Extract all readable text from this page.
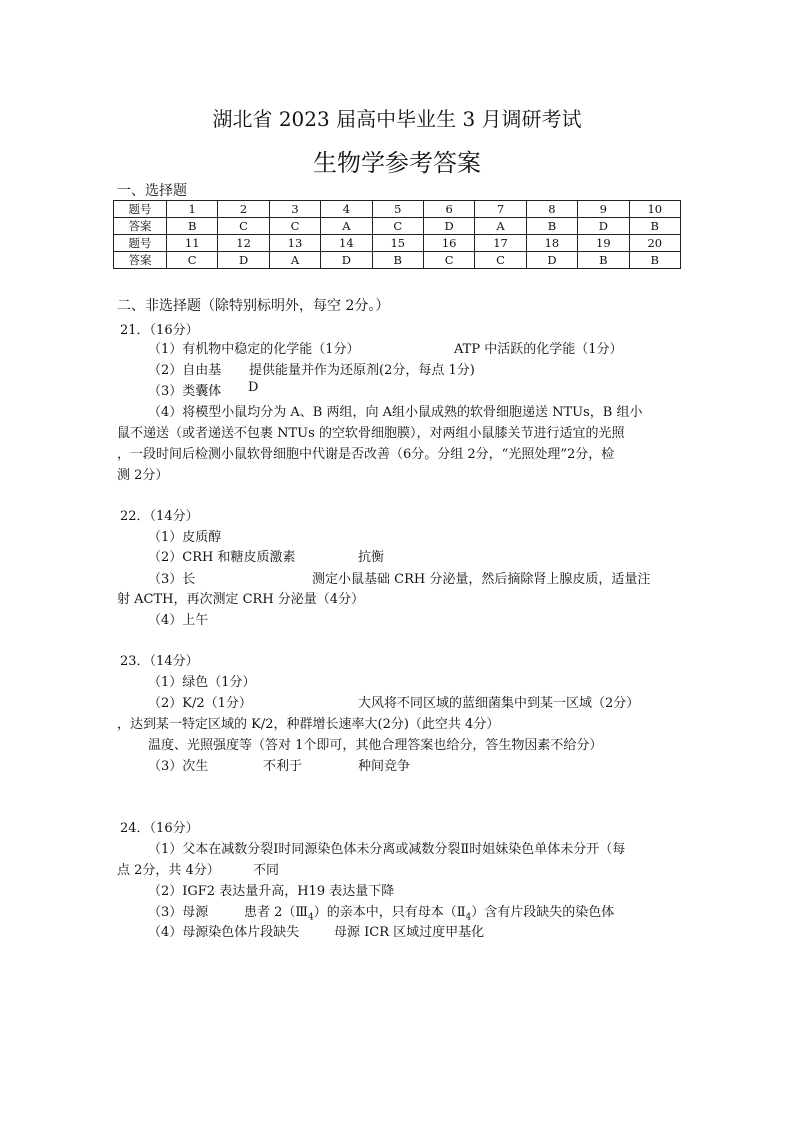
湖北省 2023 届高中毕业生 3 月调研考试
生物学参考答案
一、选择题
题号	1	2	3	4	5	6	7	8	9	10
答案	B	C	C	A	C	D	A	B	D	B
题号	11	12	13	14	15	16	17	18	19	20
答案	C	D	A	D	B	C	C	D	B	B
二、非选择题（除特别标明外，每空 2分。）
21．（16分）
（1）有机物中稳定的化学能（1分）	ATP 中活跃的化学能（1分）
（2）自由基 提供能量并作为还原剂(2分，每点 1分)
（3）类囊体 D
（4）将模型小鼠均分为 A、B 两组，向 A组小鼠成熟的软骨细胞递送 NTUs，B 组小
鼠不递送（或者递送不包裹 NTUs 的空软骨细胞膜），对两组小鼠膝关节进行适宜的光照
，一段时间后检测小鼠软骨细胞中代谢是否改善（6分。分组 2分，“光照处理”2分，检
测 2分）
22．（14分）
（1）皮质醇
（2）CRH 和糖皮质激素	抗衡
（3）长	测定小鼠基础 CRH 分泌量，然后摘除肾上腺皮质，适量注
射 ACTH，再次测定 CRH 分泌量（4分）
（4）上午
23．（14分）
（1）绿色（1分）
（2）K/2（1分）	大风将不同区域的蓝细菌集中到某一区域（2分）
，达到某一特定区域的 K/2，种群增长速率大(2分)（此空共 4分）
温度、光照强度等（答对 1个即可，其他合理答案也给分，答生物因素不给分）
（3）次生	不利于	种间竞争
24．（16分）
（1）父本在减数分裂Ⅰ时同源染色体未分离或减数分裂Ⅱ时姐妹染色单体未分开（每
点 2分，共 4分）	不同
（2）IGF2 表达量升高，H19 表达量下降
（3）母源	患者 $2(Ⅲ_4)$的亲本中，只有母本$(Ⅱ_4)$含有片段缺失的染色体
（4）母源染色体片段缺失	母源 ICR 区域过度甲基化
